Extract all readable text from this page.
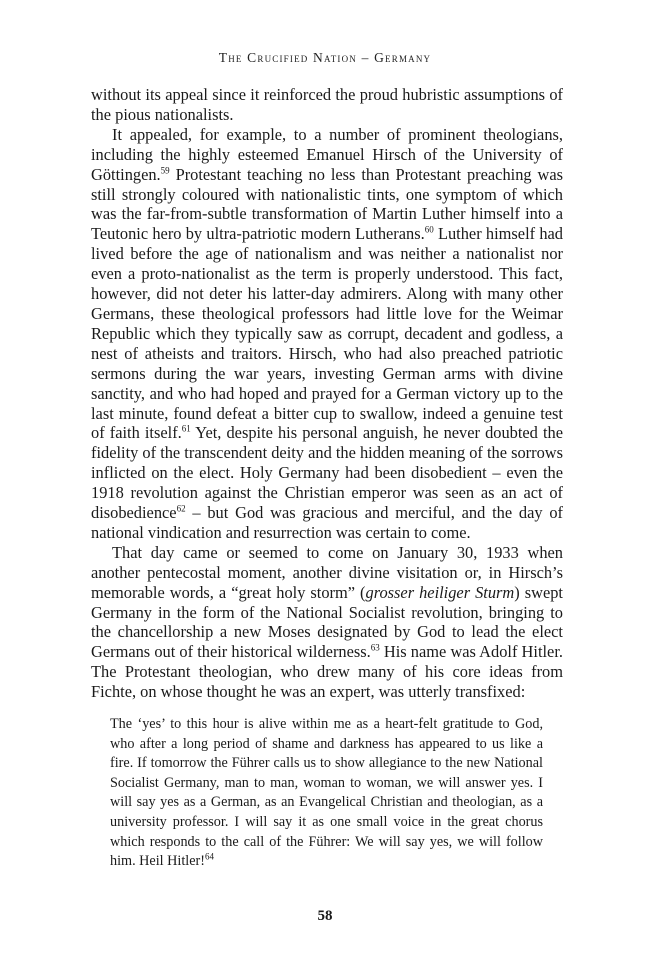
The Crucified Nation – Germany

without its appeal since it reinforced the proud hubristic assumptions of the pious nationalists.

It appealed, for example, to a number of prominent theologians, including the highly esteemed Emanuel Hirsch of the University of Göttingen.$^{59}$ Protestant teaching no less than Protestant preaching was still strongly coloured with nationalistic tints, one symptom of which was the far-from-subtle transformation of Martin Luther himself into a Teutonic hero by ultra-patriotic modern Lutherans.$^{60}$ Luther himself had lived before the age of nationalism and was neither a nationalist nor even a proto-nationalist as the term is properly understood. This fact, however, did not deter his latter-day admirers. Along with many other Germans, these theological professors had little love for the Weimar Republic which they typically saw as corrupt, decadent and godless, a nest of atheists and traitors. Hirsch, who had also preached patriotic sermons during the war years, investing German arms with divine sanctity, and who had hoped and prayed for a German victory up to the last minute, found defeat a bitter cup to swallow, indeed a genuine test of faith itself.$^{61}$ Yet, despite his personal anguish, he never doubted the fidelity of the transcendent deity and the hidden meaning of the sorrows inflicted on the elect. Holy Germany had been disobedient – even the 1918 revolution against the Christian emperor was seen as an act of disobedience$^{62}$ – but God was gracious and merciful, and the day of national vindication and resurrection was certain to come.

That day came or seemed to come on January 30, 1933 when another pentecostal moment, another divine visitation or, in Hirsch’s memorable words, a “great holy storm” (grosser heiliger Sturm) swept Germany in the form of the National Socialist revolution, bringing to the chancellorship a new Moses designated by God to lead the elect Germans out of their historical wilderness.$^{63}$ His name was Adolf Hitler. The Protestant theologian, who drew many of his core ideas from Fichte, on whose thought he was an expert, was utterly transfixed:

The ‘yes’ to this hour is alive within me as a heart-felt gratitude to God, who after a long period of shame and darkness has appeared to us like a fire. If tomorrow the Führer calls us to show allegiance to the new National Socialist Germany, man to man, woman to woman, we will answer yes. I will say yes as a German, as an Evangelical Christian and theologian, as a university professor. I will say it as one small voice in the great chorus which responds to the call of the Führer: We will say yes, we will follow him. Heil Hitler!$^{64}$

58
